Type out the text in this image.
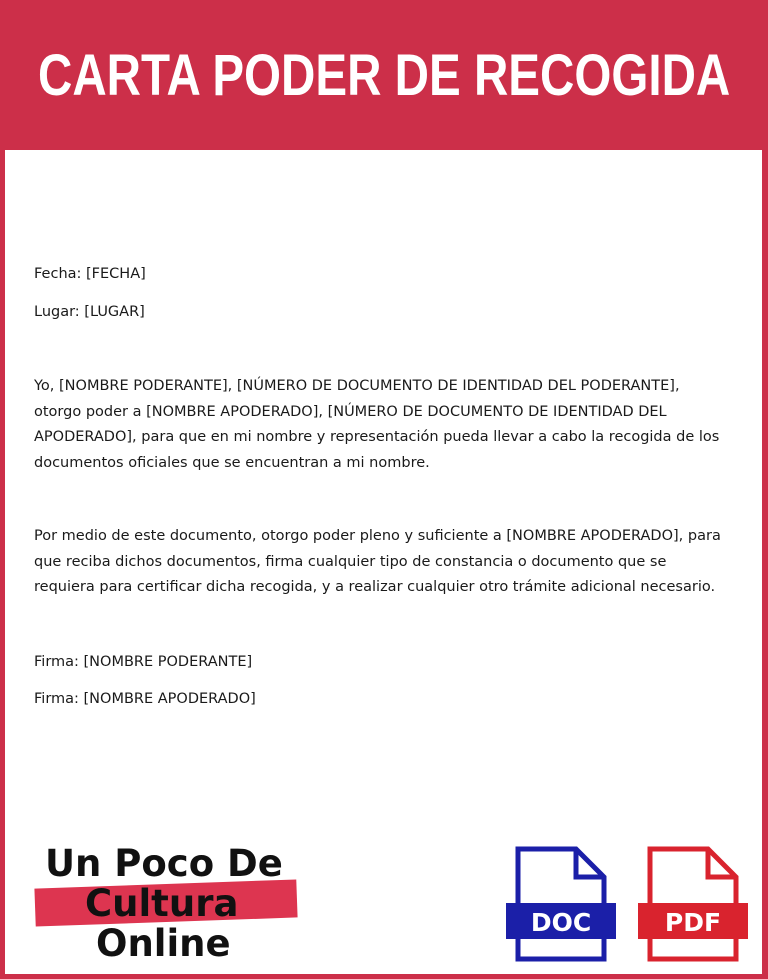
CARTA PODER DE RECOGIDA

Fecha: [FECHA]

Lugar: [LUGAR]

Yo, [NOMBRE PODERANTE], [NÚMERO DE DOCUMENTO DE IDENTIDAD DEL PODERANTE],
otorgo poder a [NOMBRE APODERADO], [NÚMERO DE DOCUMENTO DE IDENTIDAD DEL
APODERADO], para que en mi nombre y representación pueda llevar a cabo la recogida de los
documentos oficiales que se encuentran a mi nombre.
Por medio de este documento, otorgo poder pleno y suficiente a [NOMBRE APODERADO], para
que reciba dichos documentos, firma cualquier tipo de constancia o documento que se
requiera para certificar dicha recogida, y a realizar cualquier otro trámite adicional necesario.

Firma: [NOMBRE PODERANTE]

Firma: [NOMBRE APODERADO]

Un Poco De
Cultura
Online	DOC	PDF
